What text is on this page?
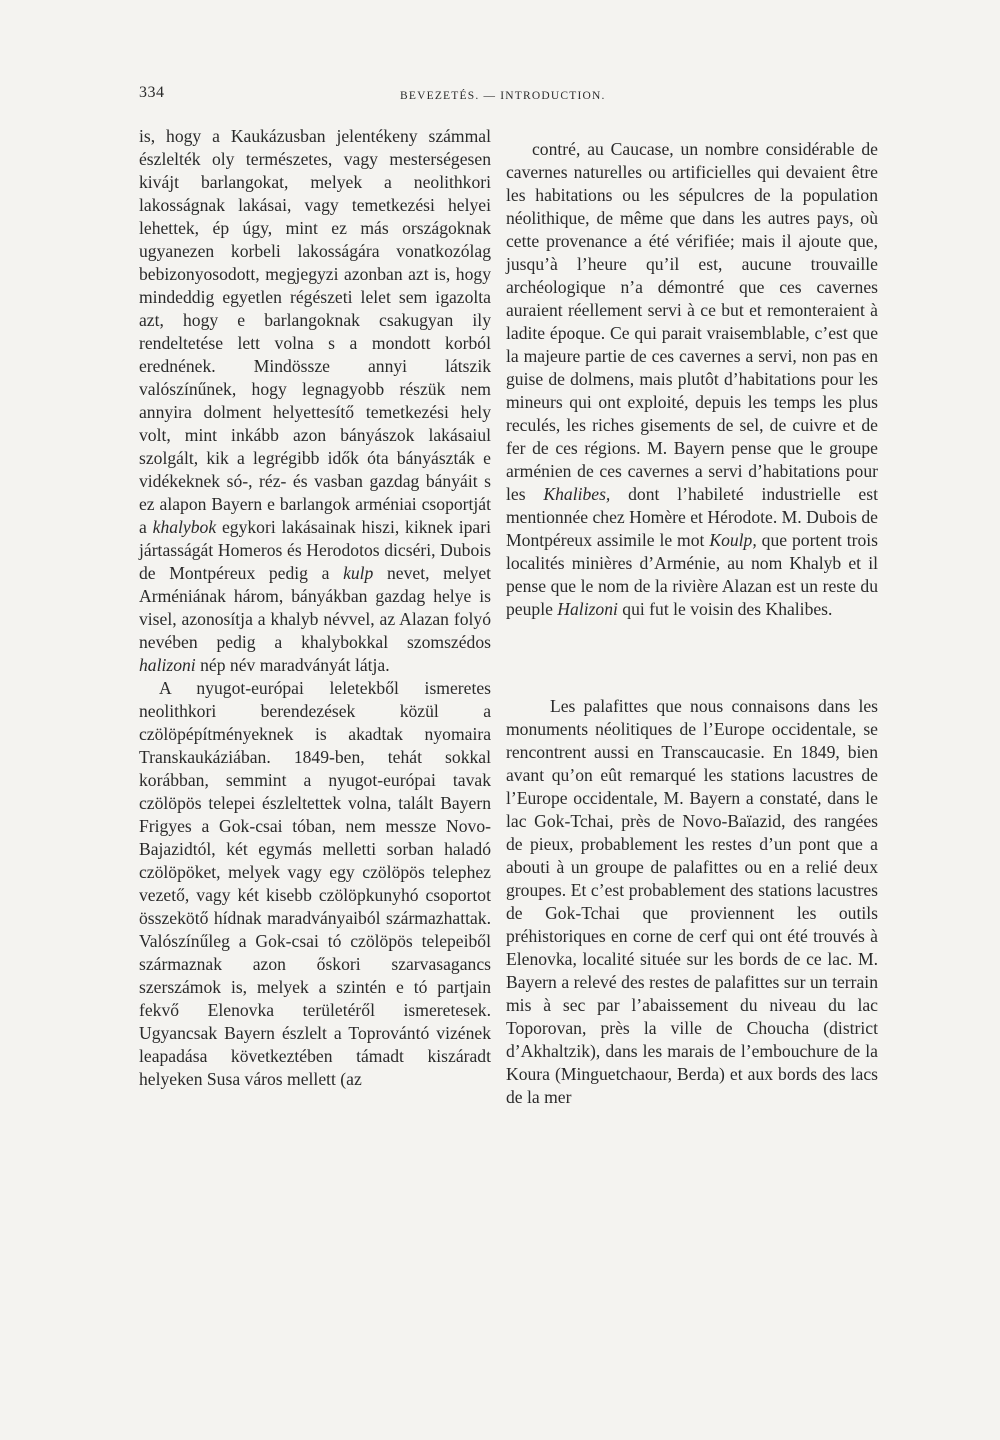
334	BEVEZETÉS. — INTRODUCTION.

is, hogy a Kaukázusban jelentékeny számmal észlelték oly természetes, vagy mesterségesen kivájt barlangokat, melyek a neolithkori lakosságnak lakásai, vagy temetkezési helyei lehettek, ép úgy, mint ez más országoknak ugyanezen korbeli lakosságára vonatkozólag bebizonyosodott, megjegyzi azonban azt is, hogy mindeddig egyetlen régészeti lelet sem igazolta azt, hogy e barlangoknak csakugyan ily rendeltetése lett volna s a mondott korból erednének. Mindössze annyi látszik valószínűnek, hogy legnagyobb részük nem annyira dolment helyettesítő temetkezési hely volt, mint inkább azon bányászok lakásaiul szolgált, kik a legrégibb idők óta bányászták e vidékeknek só-, réz- és vasban gazdag bányáit s ez alapon Bayern e barlangok arméniai csoportját a khalybok egykori lakásainak hiszi, kiknek ipari jártasságát Homeros és Herodotos dicséri, Dubois de Montpéreux pedig a kulp nevet, melyet Arméniának három, bányákban gazdag helye is visel, azonosítja a khalyb névvel, az Alazan folyó nevében pedig a khalybokkal szomszédos halizoni nép név maradványát látja.

A nyugot-európai leletekből ismeretes neolithkori berendezések közül a czölöpépítményeknek is akadtak nyomaira Transkaukáziában. 1849-ben, tehát sokkal korábban, semmint a nyugot-európai tavak czölöpös telepei észleltettek volna, talált Bayern Frigyes a Gok-csai tóban, nem messze Novo-Bajazidtól, két egymás melletti sorban haladó czölöpöket, melyek vagy egy czölöpös telephez vezető, vagy két kisebb czölöpkunyhó csoportot összekötő hídnak maradványaiból származhattak. Valószínűleg a Gok-csai tó czölöpös telepeiből származnak azon őskori szarvasagancs szerszámok is, melyek a szintén e tó partjain fekvő Elenovka területéről ismeretesek. Ugyancsak Bayern észlelt a Toprovántó vizének leapadása következtében támadt kiszáradt helyeken Susa város mellett (az

contré, au Caucase, un nombre considérable de cavernes naturelles ou artificielles qui devaient être les habitations ou les sépulcres de la population néolithique, de même que dans les autres pays, où cette provenance a été vérifiée; mais il ajoute que, jusqu’à l’heure qu’il est, aucune trouvaille archéologique n’a démontré que ces cavernes auraient réellement servi à ce but et remonteraient à ladite époque. Ce qui parait vraisemblable, c’est que la majeure partie de ces cavernes a servi, non pas en guise de dolmens, mais plutôt d’habitations pour les mineurs qui ont exploité, depuis les temps les plus reculés, les riches gisements de sel, de cuivre et de fer de ces régions. M. Bayern pense que le groupe arménien de ces cavernes a servi d’habitations pour les Khalibes, dont l’habileté industrielle est mentionnée chez Homère et Hérodote. M. Dubois de Montpéreux assimile le mot Koulp, que portent trois localités minières d’Arménie, au nom Khalyb et il pense que le nom de la rivière Alazan est un reste du peuple Halizoni qui fut le voisin des Khalibes.

Les palafittes que nous connaisons dans les monuments néolitiques de l’Europe occidentale, se rencontrent aussi en Transcaucasie. En 1849, bien avant qu’on eût remarqué les stations lacustres de l’Europe occidentale, M. Bayern a constaté, dans le lac Gok-Tchai, près de Novo-Baïazid, des rangées de pieux, probablement les restes d’un pont que a abouti à un groupe de palafittes ou en a relié deux groupes. Et c’est probablement des stations lacustres de Gok-Tchai que proviennent les outils préhistoriques en corne de cerf qui ont été trouvés à Elenovka, localité située sur les bords de ce lac. M. Bayern a relevé des restes de palafittes sur un terrain mis à sec par l’abaissement du niveau du lac Toporovan, près la ville de Choucha (district d’Akhaltzik), dans les marais de l’embouchure de la Koura (Minguetchaour, Berda) et aux bords des lacs de la mer
